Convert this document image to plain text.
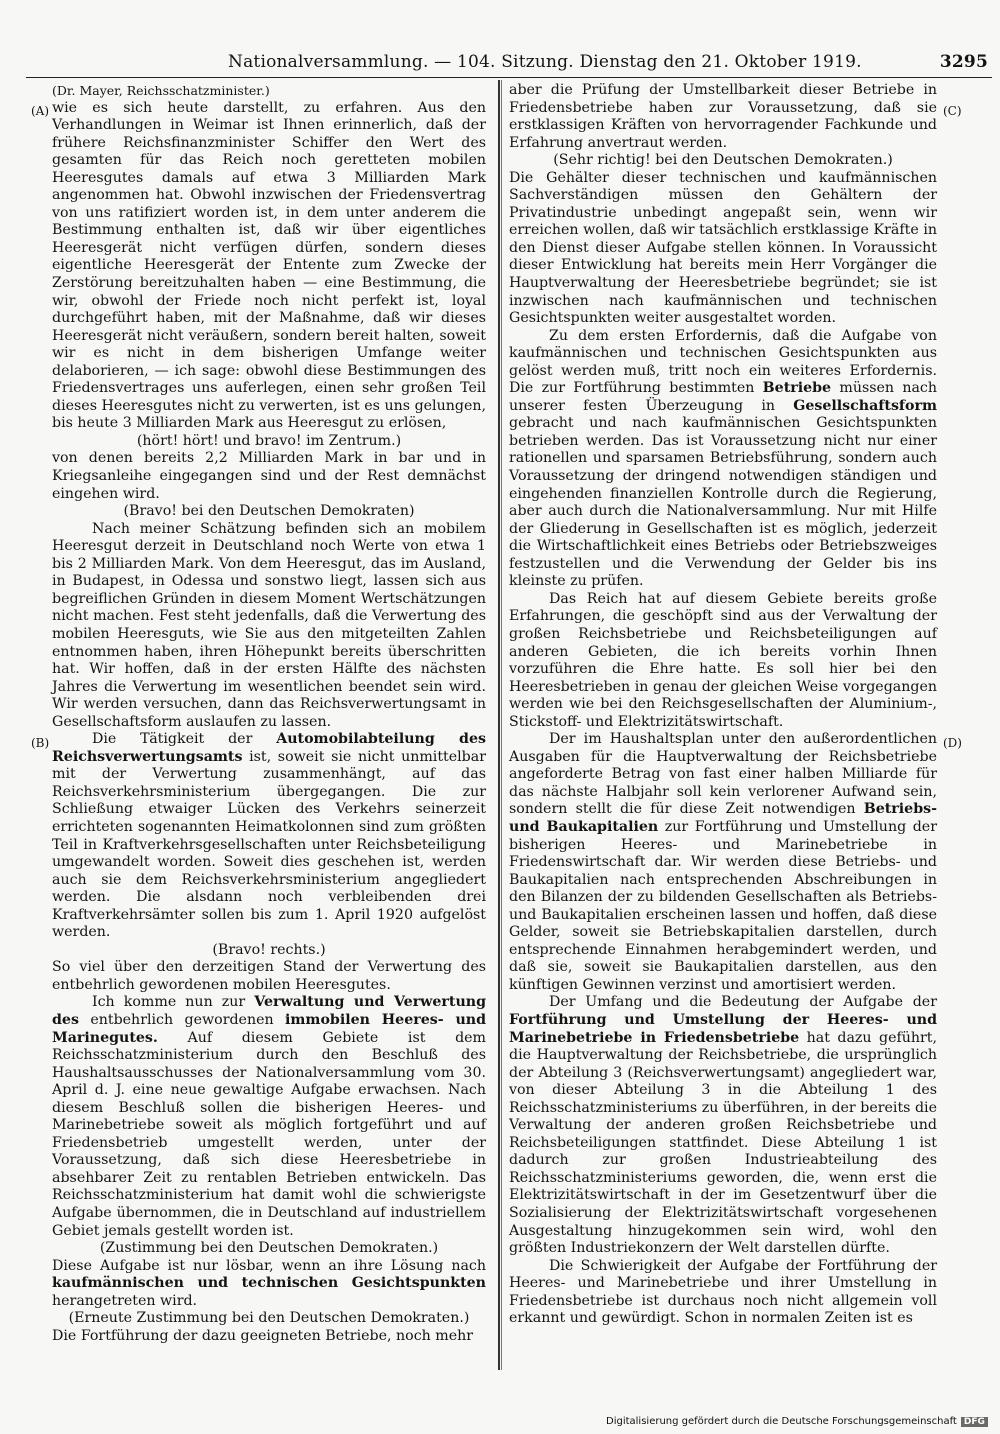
Nationalversammlung. — 104. Sitzung. Dienstag den 21. Oktober 1919.	3295
(A)
(B)
(C)
(D)

(Dr. Mayer, Reichsschatzminister.)

wie es sich heute darstellt, zu erfahren. Aus den Verhandlungen in Weimar ist Ihnen erinnerlich, daß der frühere Reichsfinanzminister Schiffer den Wert des gesamten für das Reich noch geretteten mobilen Heeresgutes damals auf etwa 3 Milliarden Mark angenommen hat. Obwohl inzwischen der Friedensvertrag von uns ratifiziert worden ist, in dem unter anderem die Bestimmung enthalten ist, daß wir über eigentliches Heeresgerät nicht verfügen dürfen, sondern dieses eigentliche Heeresgerät der Entente zum Zwecke der Zerstörung bereitzuhalten haben — eine Bestimmung, die wir, obwohl der Friede noch nicht perfekt ist, loyal durchgeführt haben, mit der Maßnahme, daß wir dieses Heeresgerät nicht veräußern, sondern bereit halten, soweit wir es nicht in dem bisherigen Umfange weiter delaborieren, — ich sage: obwohl diese Bestimmungen des Friedensvertrages uns auferlegen, einen sehr großen Teil dieses Heeresgutes nicht zu verwerten, ist es uns gelungen, bis heute 3 Milliarden Mark aus Heeresgut zu erlösen,

(hört! hört! und bravo! im Zentrum.)

von denen bereits 2,2 Milliarden Mark in bar und in Kriegsanleihe eingegangen sind und der Rest demnächst eingehen wird.

(Bravo! bei den Deutschen Demokraten)

Nach meiner Schätzung befinden sich an mobilem Heeresgut derzeit in Deutschland noch Werte von etwa 1 bis 2 Milliarden Mark. Von dem Heeresgut, das im Ausland, in Budapest, in Odessa und sonstwo liegt, lassen sich aus begreiflichen Gründen in diesem Moment Wertschätzungen nicht machen. Fest steht jedenfalls, daß die Verwertung des mobilen Heeresguts, wie Sie aus den mitgeteilten Zahlen entnommen haben, ihren Höhepunkt bereits überschritten hat. Wir hoffen, daß in der ersten Hälfte des nächsten Jahres die Verwertung im wesentlichen beendet sein wird. Wir werden versuchen, dann das Reichsverwertungsamt in Gesellschaftsform auslaufen zu lassen.

Die Tätigkeit der Automobilabteilung des Reichsverwertungsamts ist, soweit sie nicht unmittelbar mit der Verwertung zusammenhängt, auf das Reichsverkehrsministerium übergegangen. Die zur Schließung etwaiger Lücken des Verkehrs seinerzeit errichteten sogenannten Heimatkolonnen sind zum größten Teil in Kraftverkehrsgesellschaften unter Reichsbeteiligung umgewandelt worden. Soweit dies geschehen ist, werden auch sie dem Reichsverkehrsministerium angegliedert werden. Die alsdann noch verbleibenden drei Kraftverkehrsämter sollen bis zum 1. April 1920 aufgelöst werden.

(Bravo! rechts.)

So viel über den derzeitigen Stand der Verwertung des entbehrlich gewordenen mobilen Heeresgutes.

Ich komme nun zur Verwaltung und Verwertung des entbehrlich gewordenen immobilen Heeres- und Marinegutes. Auf diesem Gebiete ist dem Reichsschatzministerium durch den Beschluß des Haushaltsausschusses der Nationalversammlung vom 30. April d. J. eine neue gewaltige Aufgabe erwachsen. Nach diesem Beschluß sollen die bisherigen Heeres- und Marinebetriebe soweit als möglich fortgeführt und auf Friedensbetrieb umgestellt werden, unter der Voraussetzung, daß sich diese Heeresbetriebe in absehbarer Zeit zu rentablen Betrieben entwickeln. Das Reichsschatzministerium hat damit wohl die schwierigste Aufgabe übernommen, die in Deutschland auf industriellem Gebiet jemals gestellt worden ist.

(Zustimmung bei den Deutschen Demokraten.)

Diese Aufgabe ist nur lösbar, wenn an ihre Lösung nach kaufmännischen und technischen Gesichtspunkten herangetreten wird.

(Erneute Zustimmung bei den Deutschen Demokraten.)

Die Fortführung der dazu geeigneten Betriebe, noch mehr

aber die Prüfung der Umstellbarkeit dieser Betriebe in Friedensbetriebe haben zur Voraussetzung, daß sie erstklassigen Kräften von hervorragender Fachkunde und Erfahrung anvertraut werden.

(Sehr richtig! bei den Deutschen Demokraten.)

Die Gehälter dieser technischen und kaufmännischen Sachverständigen müssen den Gehältern der Privatindustrie unbedingt angepaßt sein, wenn wir erreichen wollen, daß wir tatsächlich erstklassige Kräfte in den Dienst dieser Aufgabe stellen können. In Voraussicht dieser Entwicklung hat bereits mein Herr Vorgänger die Hauptverwaltung der Heeresbetriebe begründet; sie ist inzwischen nach kaufmännischen und technischen Gesichtspunkten weiter ausgestaltet worden.

Zu dem ersten Erfordernis, daß die Aufgabe von kaufmännischen und technischen Gesichtspunkten aus gelöst werden muß, tritt noch ein weiteres Erfordernis. Die zur Fortführung bestimmten Betriebe müssen nach unserer festen Überzeugung in Gesellschaftsform gebracht und nach kaufmännischen Gesichtspunkten betrieben werden. Das ist Voraussetzung nicht nur einer rationellen und sparsamen Betriebsführung, sondern auch Voraussetzung der dringend notwendigen ständigen und eingehenden finanziellen Kontrolle durch die Regierung, aber auch durch die Nationalversammlung. Nur mit Hilfe der Gliederung in Gesellschaften ist es möglich, jederzeit die Wirtschaftlichkeit eines Betriebs oder Betriebszweiges festzustellen und die Verwendung der Gelder bis ins kleinste zu prüfen.

Das Reich hat auf diesem Gebiete bereits große Erfahrungen, die geschöpft sind aus der Verwaltung der großen Reichsbetriebe und Reichsbeteiligungen auf anderen Gebieten, die ich bereits vorhin Ihnen vorzuführen die Ehre hatte. Es soll hier bei den Heeresbetrieben in genau der gleichen Weise vorgegangen werden wie bei den Reichsgesellschaften der Aluminium-, Stickstoff- und Elektrizitätswirtschaft.

Der im Haushaltsplan unter den außerordentlichen Ausgaben für die Hauptverwaltung der Reichsbetriebe angeforderte Betrag von fast einer halben Milliarde für das nächste Halbjahr soll kein verlorener Aufwand sein, sondern stellt die für diese Zeit notwendigen Betriebs- und Baukapitalien zur Fortführung und Umstellung der bisherigen Heeres- und Marinebetriebe in Friedenswirtschaft dar. Wir werden diese Betriebs- und Baukapitalien nach entsprechenden Abschreibungen in den Bilanzen der zu bildenden Gesellschaften als Betriebs- und Baukapitalien erscheinen lassen und hoffen, daß diese Gelder, soweit sie Betriebskapitalien darstellen, durch entsprechende Einnahmen herabgemindert werden, und daß sie, soweit sie Baukapitalien darstellen, aus den künftigen Gewinnen verzinst und amortisiert werden.

Der Umfang und die Bedeutung der Aufgabe der Fortführung und Umstellung der Heeres- und Marinebetriebe in Friedensbetriebe hat dazu geführt, die Hauptverwaltung der Reichsbetriebe, die ursprünglich der Abteilung 3 (Reichsverwertungsamt) angegliedert war, von dieser Abteilung 3 in die Abteilung 1 des Reichsschatzministeriums zu überführen, in der bereits die Verwaltung der anderen großen Reichsbetriebe und Reichsbeteiligungen stattfindet. Diese Abteilung 1 ist dadurch zur großen Industrieabteilung des Reichsschatzministeriums geworden, die, wenn erst die Elektrizitätswirtschaft in der im Gesetzentwurf über die Sozialisierung der Elektrizitätswirtschaft vorgesehenen Ausgestaltung hinzugekommen sein wird, wohl den größten Industriekonzern der Welt darstellen dürfte.

Die Schwierigkeit der Aufgabe der Fortführung der Heeres- und Marinebetriebe und ihrer Umstellung in Friedensbetriebe ist durchaus noch nicht allgemein voll erkannt und gewürdigt. Schon in normalen Zeiten ist es

Digitalisierung gefördert durch die Deutsche Forschungsgemeinschaft DFG
